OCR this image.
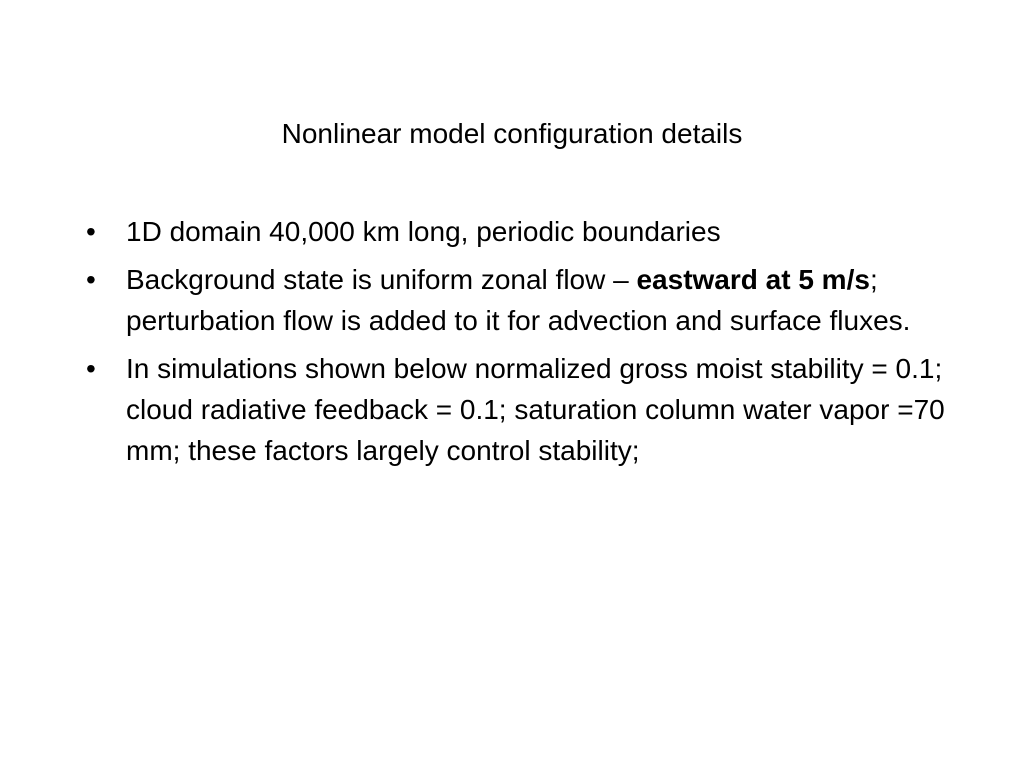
Nonlinear model configuration details
•	1D domain 40,000 km long, periodic boundaries
•	Background state is uniform zonal flow – eastward at 5 m/s; perturbation flow is added to it for advection and surface fluxes.
•	In simulations shown below normalized gross moist stability = 0.1; cloud radiative feedback = 0.1; saturation column water vapor =70 mm; these factors largely control stability;
